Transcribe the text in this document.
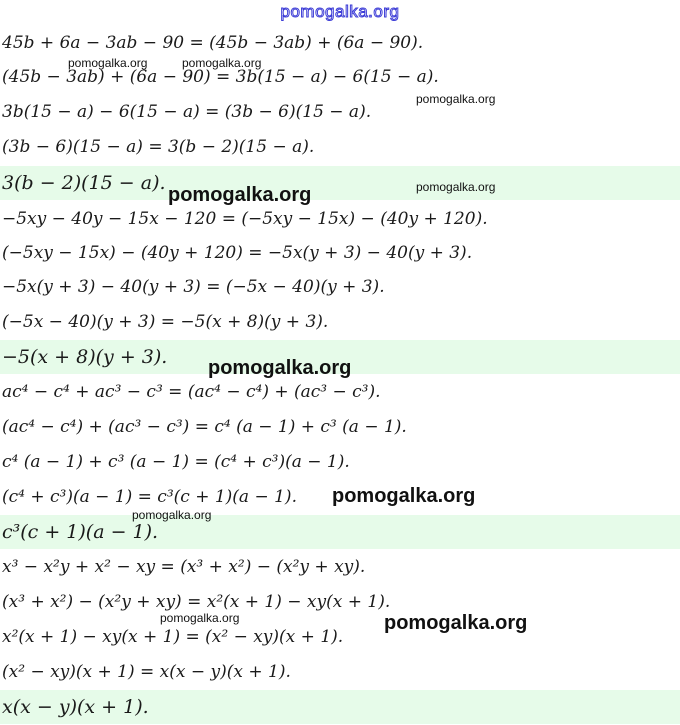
pomogalka.org
45b + 6a − 3ab − 90 = (45b − 3ab) + (6a − 90).
(45b − 3ab) + (6a − 90) = 3b(15 − a) − 6(15 − a).
3b(15 − a) − 6(15 − a) = (3b − 6)(15 − a).
(3b − 6)(15 − a) = 3(b − 2)(15 − a).
3(b − 2)(15 − a).
−5xy − 40y − 15x − 120 = (−5xy − 15x) − (40y + 120).
(−5xy − 15x) − (40y + 120) = −5x(y + 3) − 40(y + 3).
−5x(y + 3) − 40(y + 3) = (−5x − 40)(y + 3).
(−5x − 40)(y + 3) = −5(x + 8)(y + 3).
−5(x + 8)(y + 3).
ac⁴ − c⁴ + ac³ − c³ = (ac⁴ − c⁴) + (ac³ − c³).
(ac⁴ − c⁴) + (ac³ − c³) = c⁴ (a − 1) + c³ (a − 1).
c⁴ (a − 1) + c³ (a − 1) = (c⁴ + c³)(a − 1).
(c⁴ + c³)(a − 1) = c³(c + 1)(a − 1).
c³(c + 1)(a − 1).
x³ − x²y + x² − xy = (x³ + x²) − (x²y + xy).
(x³ + x²) − (x²y + xy) = x²(x + 1) − xy(x + 1).
x²(x + 1) − xy(x + 1) = (x² − xy)(x + 1).
(x² − xy)(x + 1) = x(x − y)(x + 1).
x(x − y)(x + 1).
pomogalka.org	pomogalka.org
pomogalka.org
pomogalka.org	pomogalka.org
pomogalka.org
pomogalka.org
pomogalka.org
pomogalka.org	pomogalka.org
